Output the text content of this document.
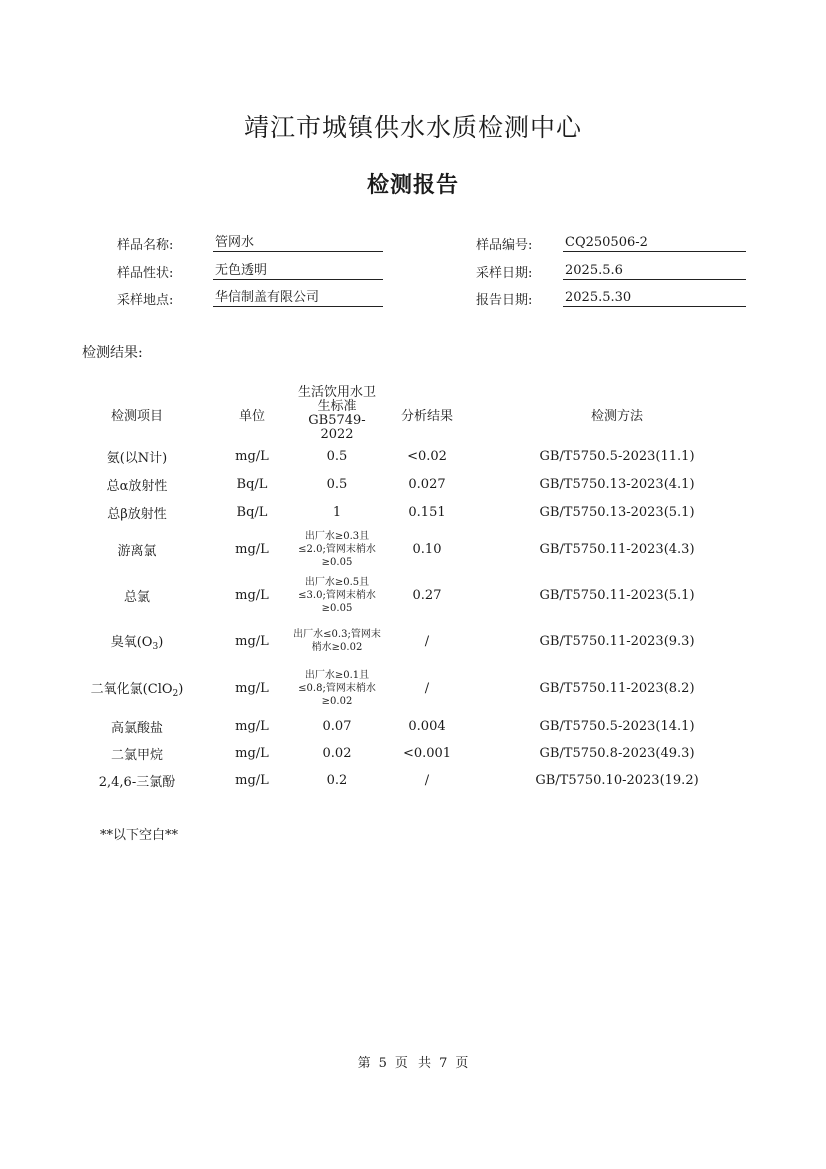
靖江市城镇供水水质检测中心
检测报告
样品名称:	管网水
样品性状:	无色透明
采样地点:	华信制盖有限公司
样品编号:	CQ250506-2
采样日期:	2025.5.6
报告日期:	2025.5.30
检测结果:
检测项目	单位	生活饮用水卫生标准GB5749-2022	分析结果	检测方法
氨(以N计)	mg/L	0.5	<0.02	GB/T5750.5-2023(11.1)
总α放射性	Bq/L	0.5	0.027	GB/T5750.13-2023(4.1)
总β放射性	Bq/L	1	0.151	GB/T5750.13-2023(5.1)
游离氯	mg/L	出厂水≥0.3且≤2.0;管网末梢水≥0.05	0.10	GB/T5750.11-2023(4.3)
总氯	mg/L	出厂水≥0.5且≤3.0;管网末梢水≥0.05	0.27	GB/T5750.11-2023(5.1)
臭氧$(O_3)$	mg/L	出厂水≤0.3;管网末梢水≥0.02	/	GB/T5750.11-2023(9.3)
二氧化氯(ClO$_2$)	mg/L	出厂水≥0.1且≤0.8;管网末梢水≥0.02	/	GB/T5750.11-2023(8.2)
高氯酸盐	mg/L	0.07	0.004	GB/T5750.5-2023(14.1)
二氯甲烷	mg/L	0.02	<0.001	GB/T5750.8-2023(49.3)
2,4,6-三氯酚	mg/L	0.2	/	GB/T5750.10-2023(19.2)
**以下空白**
第 5 页 共 7 页
